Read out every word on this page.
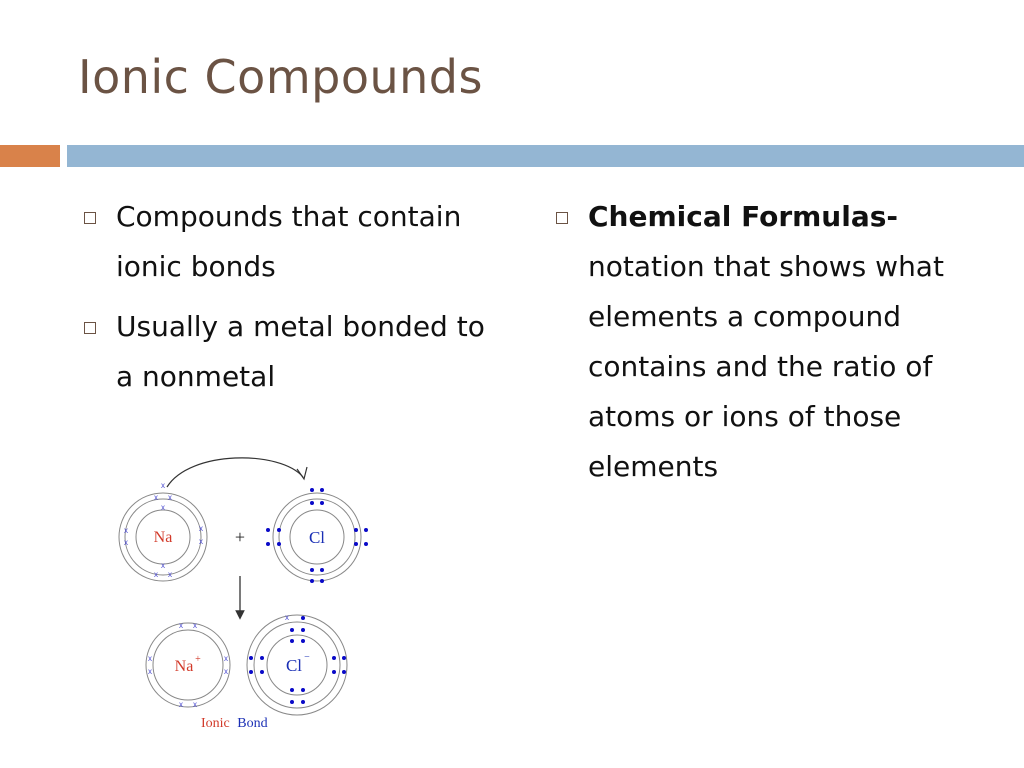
Ionic Compounds
Compounds that contain ionic bonds
Usually a metal bonded to a nonmetal
Chemical Formulas- notation that shows what elements a compound contains and the ratio of atoms or ions of those elements
Na
x
x x
x
x
x
x
x
x
x x
+	Cl
Na +
x x
x
x
x
x
x x
Cl −
x
Ionic Bond
